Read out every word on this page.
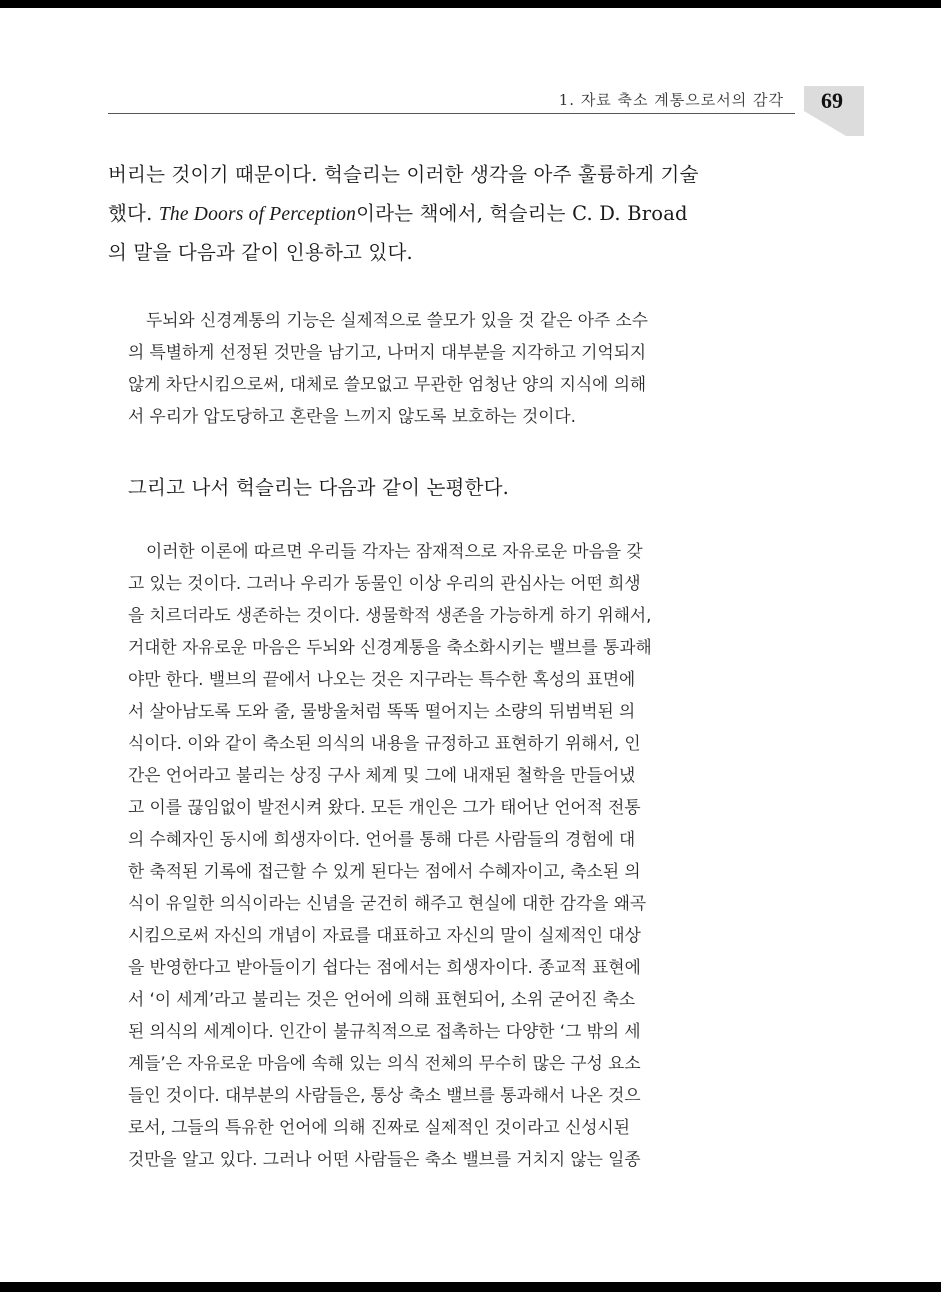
1. 자료 축소 계통으로서의 감각	69
버리는 것이기 때문이다. 헉슬리는 이러한 생각을 아주 훌륭하게 기술
했다. The Doors of Perception이라는 책에서, 헉슬리는 C. D. Broad
의 말을 다음과 같이 인용하고 있다.
두뇌와 신경계통의 기능은 실제적으로 쓸모가 있을 것 같은 아주 소수
의 특별하게 선정된 것만을 남기고, 나머지 대부분을 지각하고 기억되지
않게 차단시킴으로써, 대체로 쓸모없고 무관한 엄청난 양의 지식에 의해
서 우리가 압도당하고 혼란을 느끼지 않도록 보호하는 것이다.
그리고 나서 헉슬리는 다음과 같이 논평한다.
이러한 이론에 따르면 우리들 각자는 잠재적으로 자유로운 마음을 갖
고 있는 것이다. 그러나 우리가 동물인 이상 우리의 관심사는 어떤 희생
을 치르더라도 생존하는 것이다. 생물학적 생존을 가능하게 하기 위해서,
거대한 자유로운 마음은 두뇌와 신경계통을 축소화시키는 밸브를 통과해
야만 한다. 밸브의 끝에서 나오는 것은 지구라는 특수한 혹성의 표면에
서 살아남도록 도와 줄, 물방울처럼 똑똑 떨어지는 소량의 뒤범벅된 의
식이다. 이와 같이 축소된 의식의 내용을 규정하고 표현하기 위해서, 인
간은 언어라고 불리는 상징 구사 체계 및 그에 내재된 철학을 만들어냈
고 이를 끊임없이 발전시켜 왔다. 모든 개인은 그가 태어난 언어적 전통
의 수혜자인 동시에 희생자이다. 언어를 통해 다른 사람들의 경험에 대
한 축적된 기록에 접근할 수 있게 된다는 점에서 수혜자이고, 축소된 의
식이 유일한 의식이라는 신념을 굳건히 해주고 현실에 대한 감각을 왜곡
시킴으로써 자신의 개념이 자료를 대표하고 자신의 말이 실제적인 대상
을 반영한다고 받아들이기 쉽다는 점에서는 희생자이다. 종교적 표현에
서 ‘이 세계’라고 불리는 것은 언어에 의해 표현되어, 소위 굳어진 축소
된 의식의 세계이다. 인간이 불규칙적으로 접촉하는 다양한 ‘그 밖의 세
계들’은 자유로운 마음에 속해 있는 의식 전체의 무수히 많은 구성 요소
들인 것이다. 대부분의 사람들은, 통상 축소 밸브를 통과해서 나온 것으
로서, 그들의 특유한 언어에 의해 진짜로 실제적인 것이라고 신성시된
것만을 알고 있다. 그러나 어떤 사람들은 축소 밸브를 거치지 않는 일종
